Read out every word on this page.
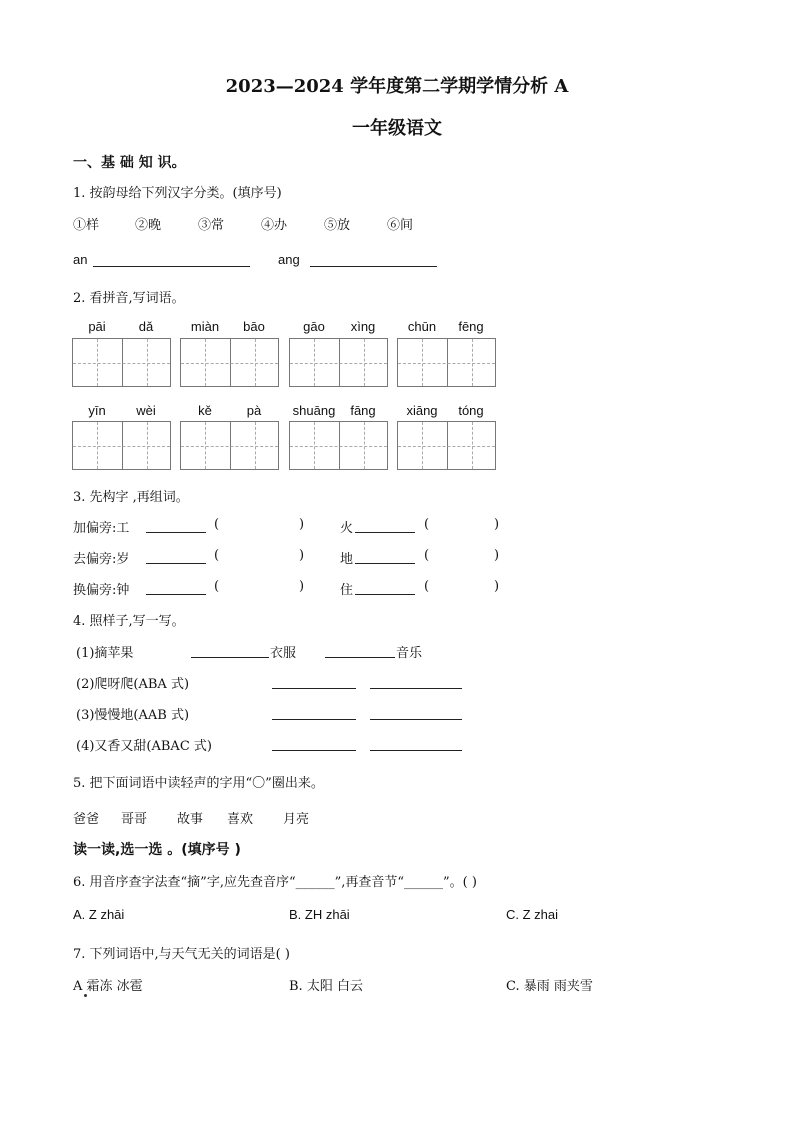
2023—2024 学年度第二学期学情分析 A
一年级语文
一、基 础 知 识。
1. 按韵母给下列汉字分类。(填序号)
①样	②晚	③常	④办	⑤放	⑥间
an	ang
2. 看拼音,写词语。
pāi	dǎ	miàn	bāo	gāo	xìng	chūn	fēng
yīn	wèi	kě	pà	shuāng	fāng	xiāng	tóng
3. 先构字 ,再组词。
加偏旁:工	(	)	火	(	)
去偏旁:岁	(	)	地	(	)
换偏旁:钟	(	)	住	(	)
4. 照样子,写一写。
(1)摘苹果	衣服	音乐
(2)爬呀爬(ABA 式)
(3)慢慢地(AAB 式)
(4)又香又甜(ABAC 式)
5. 把下面词语中读轻声的字用“〇”圈出来。
爸爸 哥哥 故事 喜欢 月亮
读一读,选一选 。(填序号 )
6. 用音序查字法查“摘”字,应先查音序“______”,再查音节“______”。( )
A. Z zhāi	B. ZH zhāi	C. Z zhai
7. 下列词语中,与天气无关的词语是( )
A 霜冻 冰雹	B. 太阳 白云	C. 暴雨 雨夹雪
